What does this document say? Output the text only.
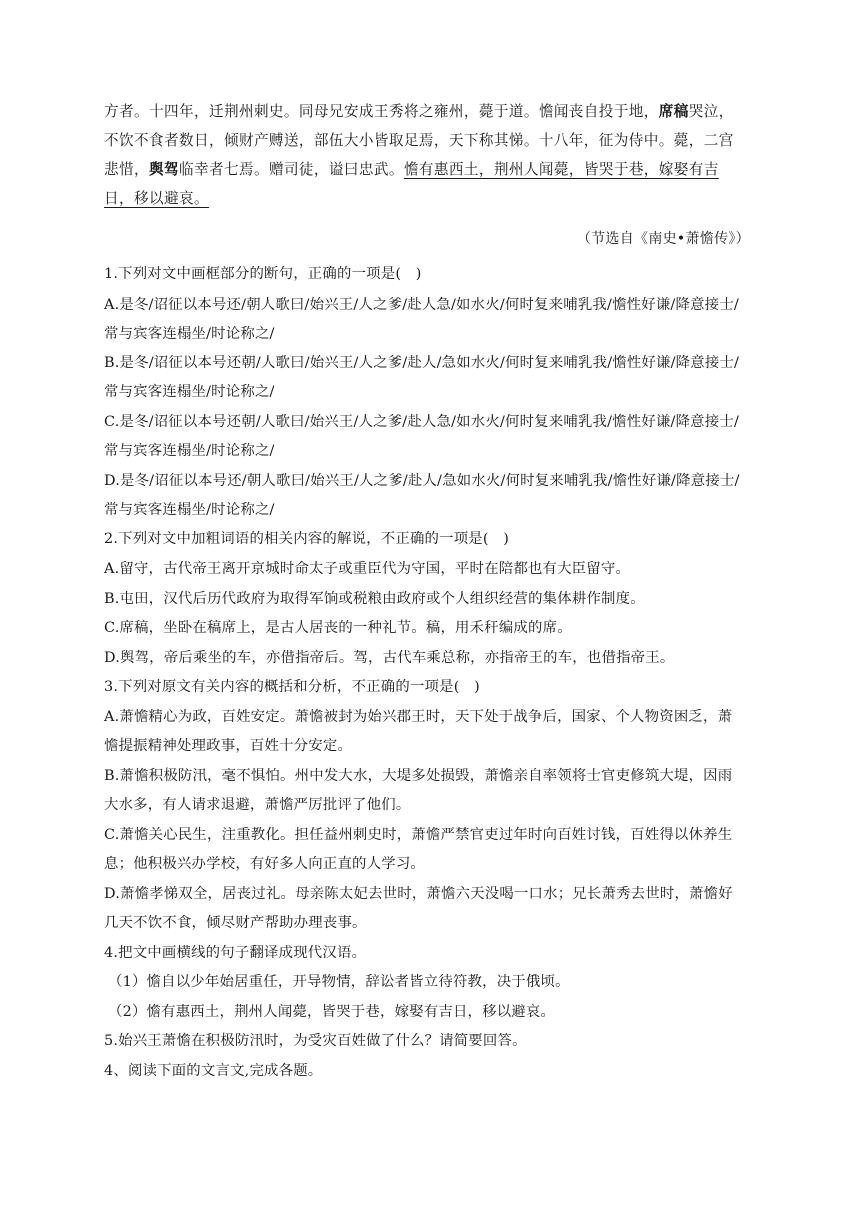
方者。十四年，迁荆州刺史。同母兄安成王秀将之雍州，薨于道。憺闻丧自投于地，席稿哭泣，
不饮不食者数日，倾财产赙送，部伍大小皆取足焉，天下称其悌。十八年，征为侍中。薨，二宫
悲惜，舆驾临幸者七焉。赠司徒，谥曰忠武。憺有惠西土，荆州人闻薨，皆哭于巷，嫁娶有吉
日，移以避哀。
（节选自《南史•萧憺传》）
1.下列对文中画框部分的断句，正确的一项是(　)
A.是冬/诏征以本号还/朝人歌曰/始兴王/人之爹/赴人急/如水火/何时复来哺乳我/憺性好谦/降意接士/
常与宾客连榻坐/时论称之/
B.是冬/诏征以本号还朝/人歌曰/始兴王/人之爹/赴人/急如水火/何时复来哺乳我/憺性好谦/降意接士/
常与宾客连榻坐/时论称之/
C.是冬/诏征以本号还朝/人歌曰/始兴王/人之爹/赴人急/如水火/何时复来哺乳我/憺性好谦/降意接士/
常与宾客连榻坐/时论称之/
D.是冬/诏征以本号还/朝人歌曰/始兴王/人之爹/赴人/急如水火/何时复来哺乳我/憺性好谦/降意接士/
常与宾客连榻坐/时论称之/
2.下列对文中加粗词语的相关内容的解说，不正确的一项是(　)
A.留守，古代帝王离开京城时命太子或重臣代为守国，平时在陪都也有大臣留守。
B.屯田，汉代后历代政府为取得军饷或税粮由政府或个人组织经营的集体耕作制度。
C.席稿，坐卧在稿席上，是古人居丧的一种礼节。稿，用禾秆编成的席。
D.舆驾，帝后乘坐的车，亦借指帝后。驾，古代车乘总称，亦指帝王的车，也借指帝王。
3.下列对原文有关内容的概括和分析，不正确的一项是(　)
A.萧憺精心为政，百姓安定。萧憺被封为始兴郡王时，天下处于战争后，国家、个人物资困乏，萧
憺提振精神处理政事，百姓十分安定。
B.萧憺积极防汛，毫不惧怕。州中发大水，大堤多处损毁，萧憺亲自率领将士官吏修筑大堤，因雨
大水多，有人请求退避，萧憺严厉批评了他们。
C.萧憺关心民生，注重教化。担任益州刺史时，萧憺严禁官吏过年时向百姓讨钱，百姓得以休养生
息；他积极兴办学校，有好多人向正直的人学习。
D.萧憺孝悌双全，居丧过礼。母亲陈太妃去世时，萧憺六天没喝一口水；兄长萧秀去世时，萧憺好
几天不饮不食，倾尽财产帮助办理丧事。
4.把文中画横线的句子翻译成现代汉语。
（1）憺自以少年始居重任，开导物情，辞讼者皆立待符教，决于俄顷。
（2）憺有惠西土，荆州人闻薨，皆哭于巷，嫁娶有吉日，移以避哀。
5.始兴王萧憺在积极防汛时，为受灾百姓做了什么？请简要回答。
4、阅读下面的文言文,完成各题。
